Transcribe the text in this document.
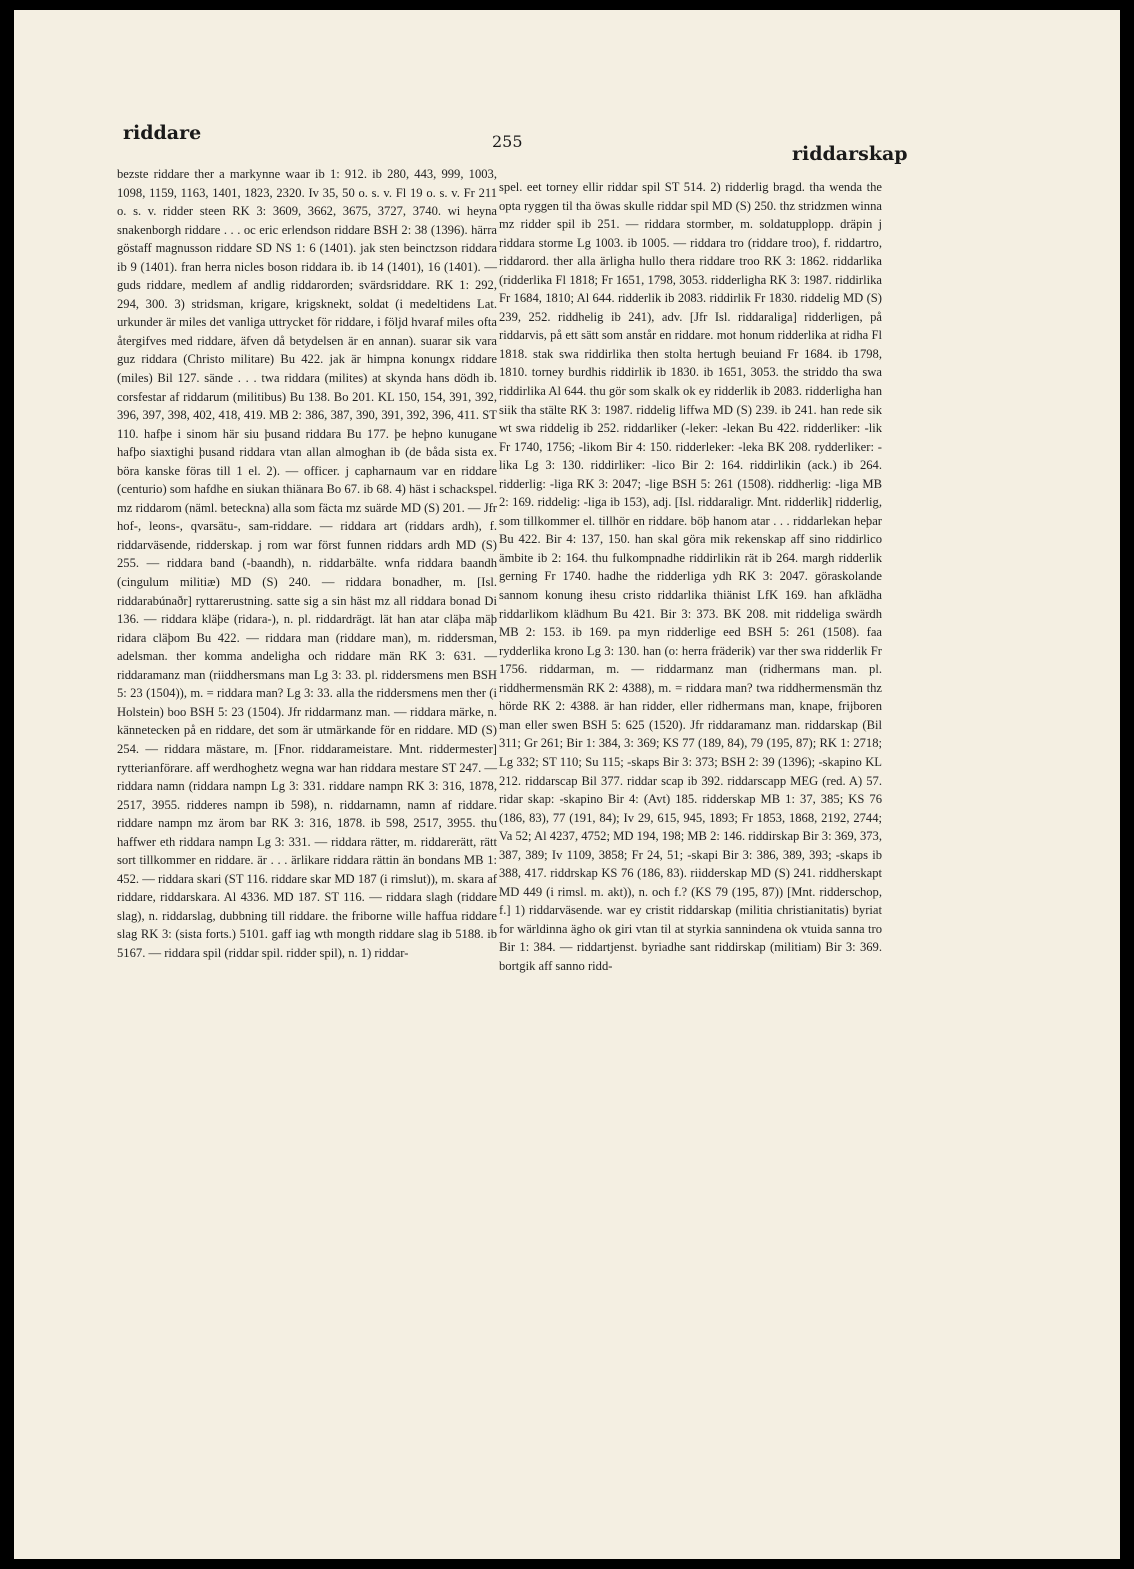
riddare	255

riddarskap

bezste riddare ther a markynne waar ib 1: 912. ib 280, 443, 999, 1003, 1098, 1159, 1163, 1401, 1823, 2320. Iv 35, 50 o. s. v. Fl 19 o. s. v. Fr 211 o. s. v. ridder steen RK 3: 3609, 3662, 3675, 3727, 3740. wi heyna snakenborgh riddare . . . oc eric erlendson riddare BSH 2: 38 (1396). härra göstaff magnusson riddare SD NS 1: 6 (1401). jak sten beinctzson riddara ib 9 (1401). fran herra nicles boson riddara ib. ib 14 (1401), 16 (1401). — guds riddare, medlem af andlig riddarorden; svärdsriddare. RK 1: 292, 294, 300. 3) stridsman, krigare, krigsknekt, soldat (i medeltidens Lat. urkunder är miles det vanliga uttrycket för riddare, i följd hvaraf miles ofta återgifves med riddare, äfven då betydelsen är en annan). suarar sik vara guz riddara (Christo militare) Bu 422. jak är himpna konungx riddare (miles) Bil 127. sände . . . twa riddara (milites) at skynda hans dödh ib. corsfestar af riddarum (militibus) Bu 138. Bo 201. KL 150, 154, 391, 392, 396, 397, 398, 402, 418, 419. MB 2: 386, 387, 390, 391, 392, 396, 411. ST 110. hafþe i sinom här siu þusand riddara Bu 177. þe heþno kunugane hafþo siaxtighi þusand riddara vtan allan almoghan ib (de båda sista ex. böra kanske föras till 1 el. 2). — officer. j capharnaum var en riddare (centurio) som hafdhe en siukan thiänara Bo 67. ib 68. 4) häst i schackspel. mz riddarom (näml. beteckna) alla som fäcta mz suärde MD (S) 201. — Jfr hof-, leons-, qvarsätu-, sam-riddare. — riddara art (riddars ardh), f. riddarväsende, ridderskap. j rom war först funnen riddars ardh MD (S) 255. — riddara band (-baandh), n. riddarbälte. wnfa riddara baandh (cingulum militiæ) MD (S) 240. — riddara bonadher, m. [Isl. riddarabúnaðr] ryttarerustning. satte sig a sin häst mz all riddara bonad Di 136. — riddara kläþe (ridara-), n. pl. riddardrägt. lät han atar cläþa mäþ ridara cläþom Bu 422. — riddara man (riddare man), m. riddersman, adelsman. ther komma andeligha och riddare män RK 3: 631. — riddaramanz man (riiddhersmans man Lg 3: 33. pl. riddersmens men BSH 5: 23 (1504)), m. = riddara man? Lg 3: 33. alla the riddersmens men ther (i Holstein) boo BSH 5: 23 (1504). Jfr riddarmanz man. — riddara märke, n. kännetecken på en riddare, det som är utmärkande för en riddare. MD (S) 254. — riddara mästare, m. [Fnor. riddarameistare. Mnt. riddermester] rytterianförare. aff werdhoghetz wegna war han riddara mestare ST 247. — riddara namn (riddara nampn Lg 3: 331. riddare nampn RK 3: 316, 1878, 2517, 3955. ridderes nampn ib 598), n. riddarnamn, namn af riddare. riddare nampn mz ärom bar RK 3: 316, 1878. ib 598, 2517, 3955. thu haffwer eth riddara nampn Lg 3: 331. — riddara rätter, m. riddarerätt, rätt sort tillkommer en riddare. är . . . ärlikare riddara rättin än bondans MB 1: 452. — riddara skari (ST 116. riddare skar MD 187 (i rimslut)), m. skara af riddare, riddarskara. Al 4336. MD 187. ST 116. — riddara slagh (riddare slag), n. riddarslag, dubbning till riddare. the friborne wille haffua riddare slag RK 3: (sista forts.) 5101. gaff iag wth mongth riddare slag ib 5188. ib 5167. — riddara spil (riddar spil. ridder spil), n. 1) riddar-

spel. eet torney ellir riddar spil ST 514. 2) ridderlig bragd. tha wenda the opta ryggen til tha öwas skulle riddar spil MD (S) 250. thz stridzmen winna mz ridder spil ib 251. — riddara stormber, m. soldatupplopp. dräpin j riddara storme Lg 1003. ib 1005. — riddara tro (riddare troo), f. riddartro, riddarord. ther alla ärligha hullo thera riddare troo RK 3: 1862. riddarlika (ridderlika Fl 1818; Fr 1651, 1798, 3053. ridderligha RK 3: 1987. riddirlika Fr 1684, 1810; Al 644. ridderlik ib 2083. riddirlik Fr 1830. riddelig MD (S) 239, 252. riddhelig ib 241), adv. [Jfr Isl. riddaraliga] ridderligen, på riddarvis, på ett sätt som anstår en riddare. mot honum ridderlika at ridha Fl 1818. stak swa riddirlika then stolta hertugh beuiand Fr 1684. ib 1798, 1810. torney burdhis riddirlik ib 1830. ib 1651, 3053. the striddo tha swa riddirlika Al 644. thu gör som skalk ok ey ridderlik ib 2083. ridderligha han siik tha stälte RK 3: 1987. riddelig liffwa MD (S) 239. ib 241. han rede sik wt swa riddelig ib 252. riddarliker (-leker: -lekan Bu 422. ridderliker: -lik Fr 1740, 1756; -likom Bir 4: 150. ridderleker: -leka BK 208. rydderliker: -lika Lg 3: 130. riddirliker: -lico Bir 2: 164. riddirlikin (ack.) ib 264. ridderlig: -liga RK 3: 2047; -lige BSH 5: 261 (1508). riddherlig: -liga MB 2: 169. riddelig: -liga ib 153), adj. [Isl. riddaraligr. Mnt. ridderlik] ridderlig, som tillkommer el. tillhör en riddare. böþ hanom atar . . . riddarlekan heþar Bu 422. Bir 4: 137, 150. han skal göra mik rekenskap aff sino riddirlico ämbite ib 2: 164. thu fulkompnadhe riddirlikin rät ib 264. margh ridderlik gerning Fr 1740. hadhe the ridderliga ydh RK 3: 2047. göraskolande sannom konung ihesu cristo riddarlika thiänist LfK 169. han afklädha riddarlikom klädhum Bu 421. Bir 3: 373. BK 208. mit riddeliga swärdh MB 2: 153. ib 169. pa myn ridderlige eed BSH 5: 261 (1508). faa rydderlika krono Lg 3: 130. han (o: herra fräderik) var ther swa ridderlik Fr 1756. riddarman, m. — riddarmanz man (ridhermans man. pl. riddhermensmän RK 2: 4388), m. = riddara man? twa riddhermensmän thz hörde RK 2: 4388. är han ridder, eller ridhermans man, knape, frijboren man eller swen BSH 5: 625 (1520). Jfr riddaramanz man. riddarskap (Bil 311; Gr 261; Bir 1: 384, 3: 369; KS 77 (189, 84), 79 (195, 87); RK 1: 2718; Lg 332; ST 110; Su 115; -skaps Bir 3: 373; BSH 2: 39 (1396); -skapino KL 212. riddarscap Bil 377. riddar scap ib 392. riddarscapp MEG (red. A) 57. ridar skap: -skapino Bir 4: (Avt) 185. ridderskap MB 1: 37, 385; KS 76 (186, 83), 77 (191, 84); Iv 29, 615, 945, 1893; Fr 1853, 1868, 2192, 2744; Va 52; Al 4237, 4752; MD 194, 198; MB 2: 146. riddirskap Bir 3: 369, 373, 387, 389; Iv 1109, 3858; Fr 24, 51; -skapi Bir 3: 386, 389, 393; -skaps ib 388, 417. riddrskap KS 76 (186, 83). riidderskap MD (S) 241. riddherskapt MD 449 (i rimsl. m. akt)), n. och f.? (KS 79 (195, 87)) [Mnt. ridderschop, f.] 1) riddarväsende. war ey cristit riddarskap (militia christianitatis) byriat for wärldinna ägho ok giri vtan til at styrkia sannindena ok vtuida sanna tro Bir 1: 384. — riddartjenst. byriadhe sant riddirskap (militiam) Bir 3: 369. bortgik aff sanno ridd-
